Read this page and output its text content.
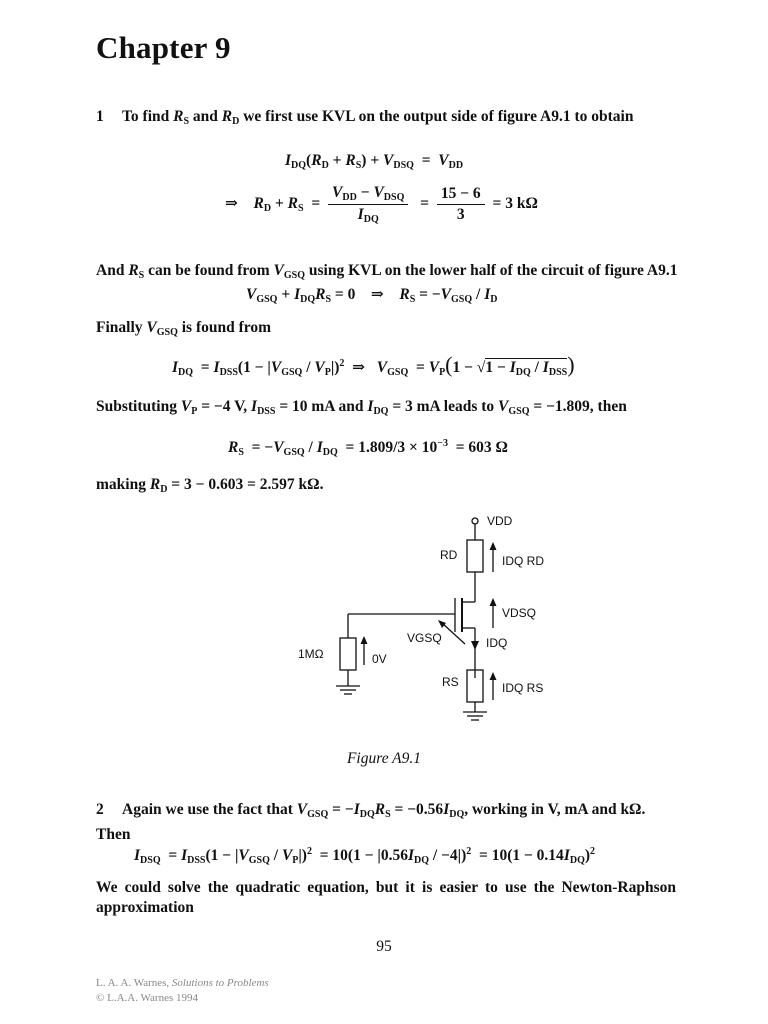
Chapter 9
1 To find $R_S$ and $R_D$ we first use KVL on the output side of figure A9.1 to obtain
$I_{DQ}(R_D + R_S) + V_{DSQ} = V_{DD}$
⇒ $R_D + R_S = \frac{V_{DD} - V_{DSQ}}{I_{DQ}} = \frac{15 - 6}{3} = 3$ kΩ
And $R_S$ can be found from $V_{GSQ}$ using KVL on the lower half of the circuit of figure A9.1
$V_{GSQ} + I_{DQ}R_S = 0$    ⇒    $R_S = -V_{GSQ} / I_D$
Finally $V_{GSQ}$ is found from
$I_{DQ} = I_{DSS}(1 - |V_{GSQ} / V_P|)^2$  ⇒   $V_{GSQ} = V_P(1 - √1 - I_{DQ} / I_{DSS})$
Substituting $V_P = -4$ V, $I_{DSS} = 10$ mA and $I_{DQ} = 3$ mA leads to $V_{GSQ} = -1.809$, then
$R_S = -V_{GSQ} / I_{DQ} = 1.809/3 \times 10^{-3} = 603$ Ω
making $R_D = 3 - 0.603 = 2.597$ kΩ.
VDD
RD	IDQ RD
VDSQ
VGSQ	IDQ
1MΩ	0V
RS	IDQ RS
Figure A9.1
2 Again we use the fact that $V_{GSQ} = -I_{DQ}R_S = -0.56I_{DQ}$, working in V, mA and kΩ.
Then
$I_{DSQ} = I_{DSS}(1 - |V_{GSQ} / V_P|)^2 = 10(1 - |0.56I_{DQ} / -4|)^2 = 10(1 - 0.14I_{DQ})^2$
We could solve the quadratic equation, but it is easier to use the Newton-Raphson approximation
95
L. A. A. Warnes, Solutions to Problems
© L.A.A. Warnes 1994
